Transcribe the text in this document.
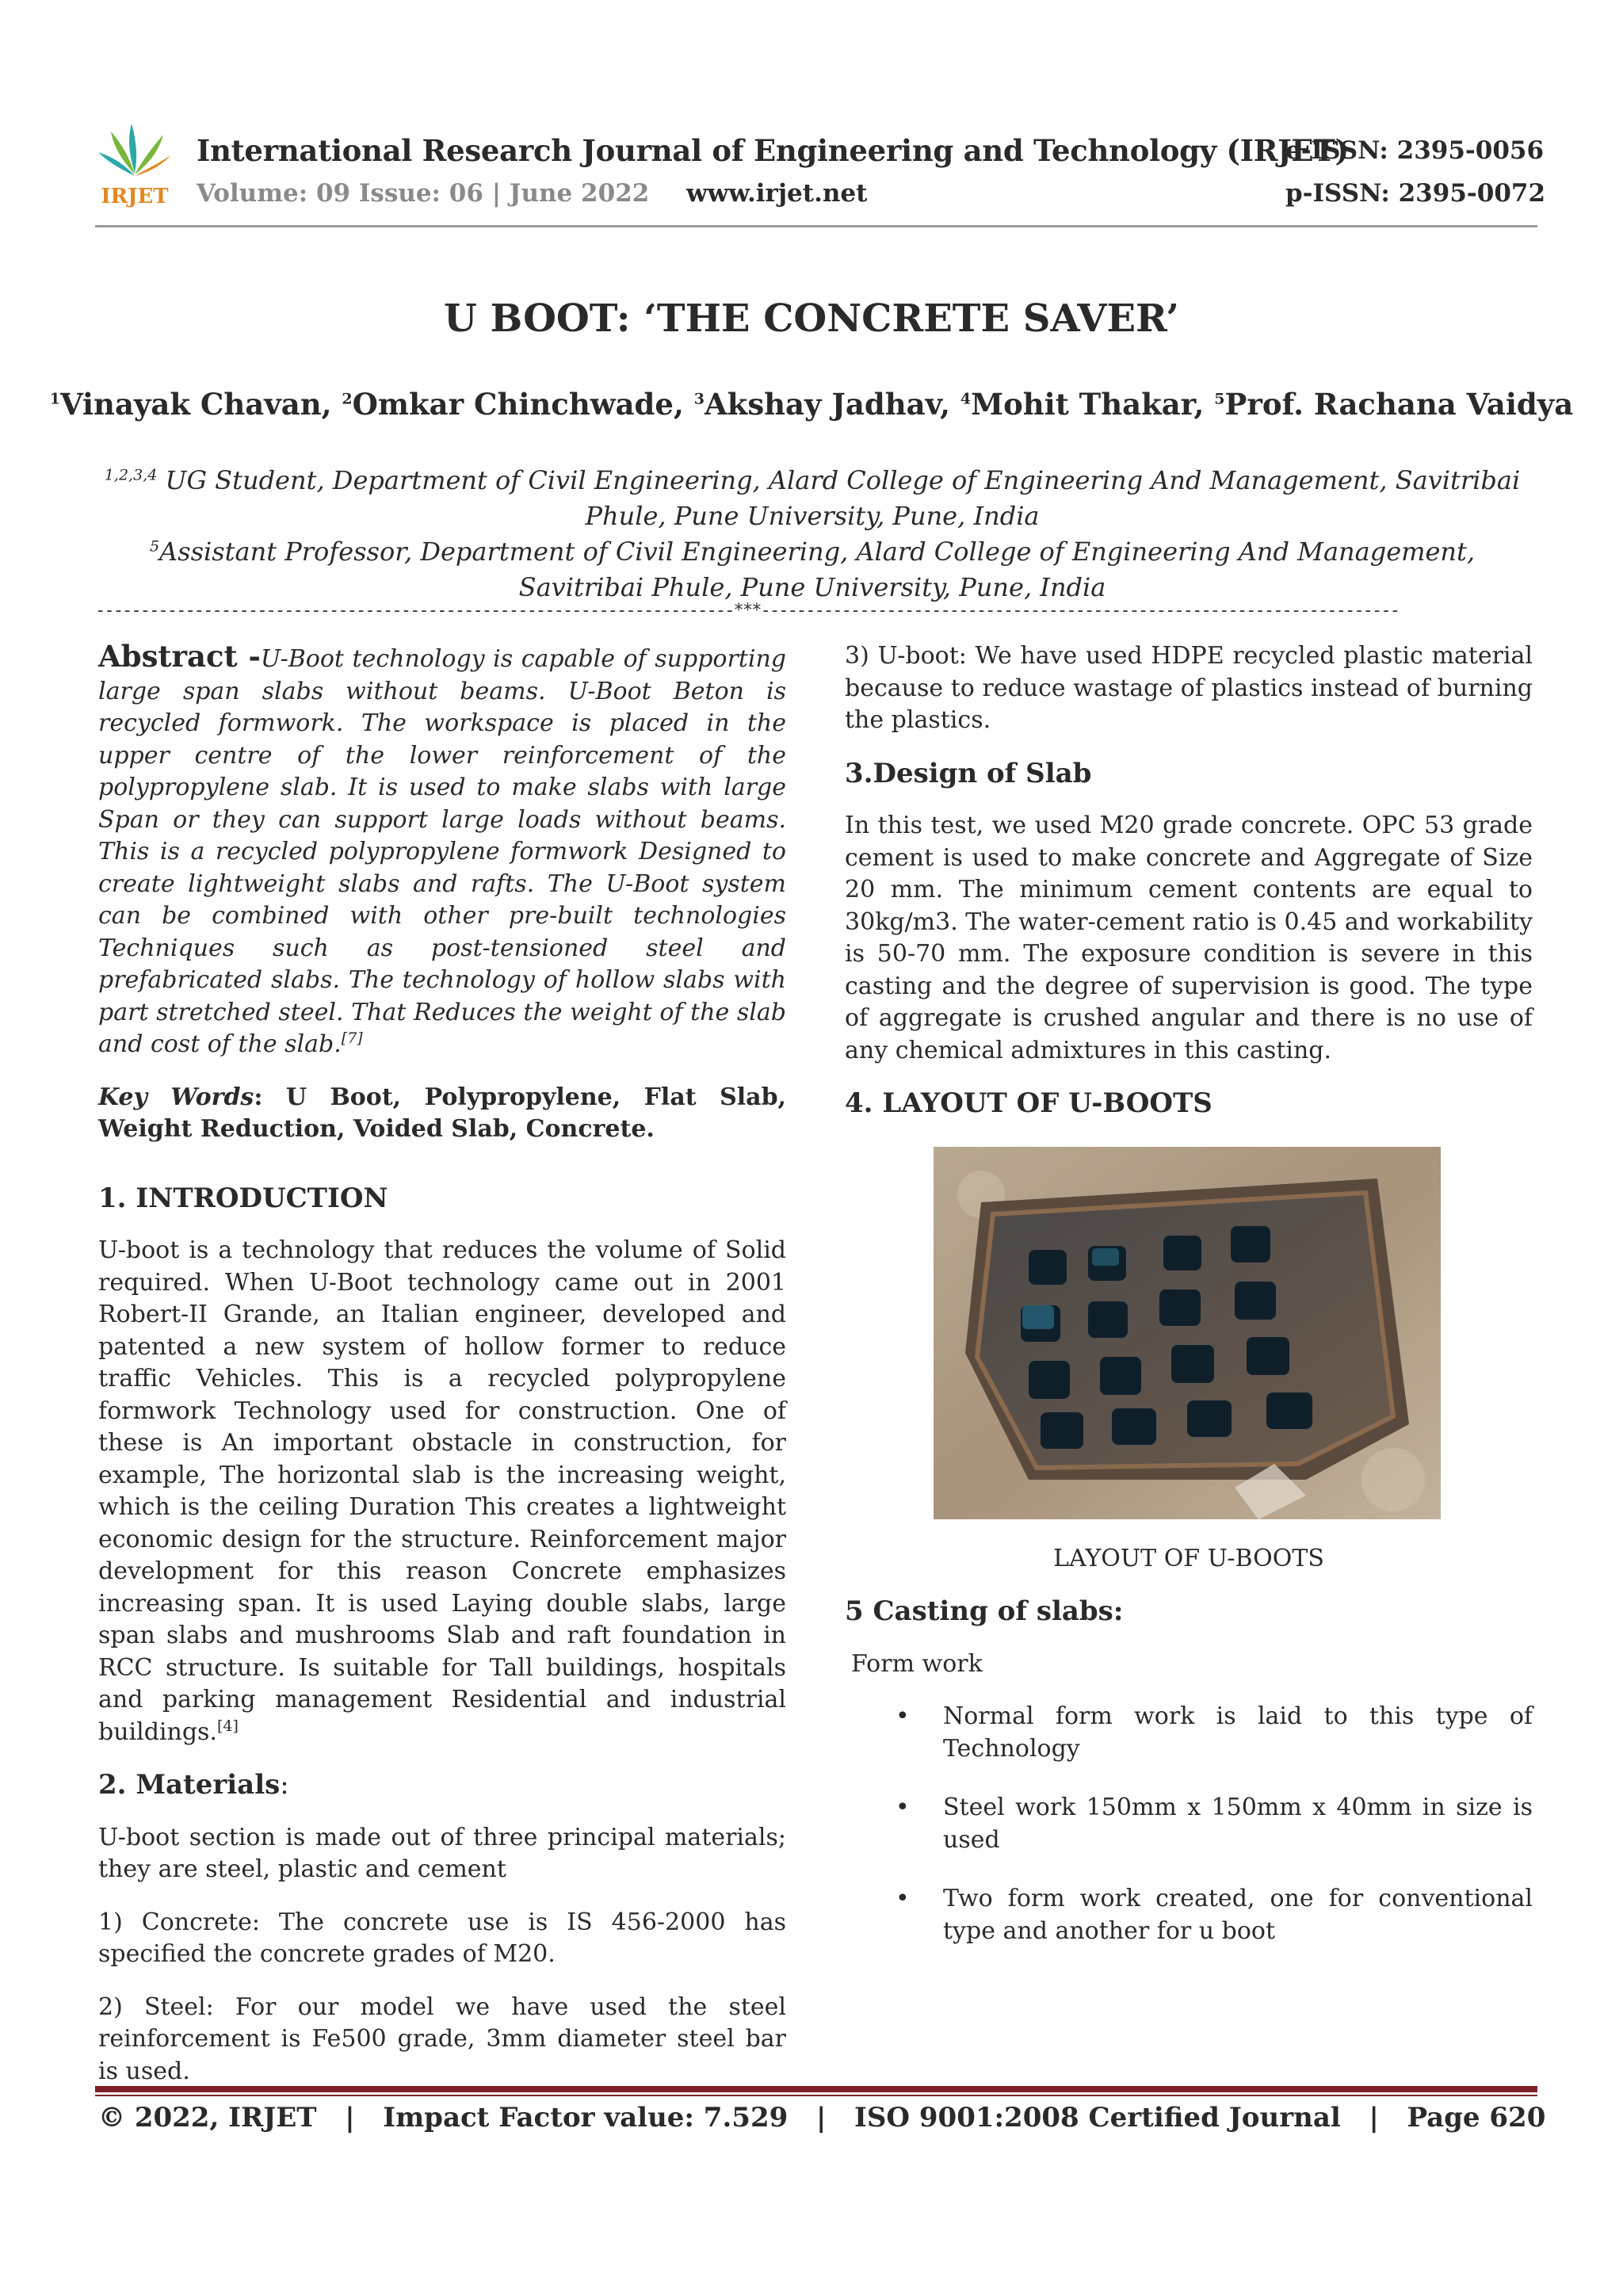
IRJET
International Research Journal of Engineering and Technology (IRJET)
e-ISSN: 2395-0056
Volume: 09 Issue: 06 | June 2022 www.irjet.net	p-ISSN: 2395-0072
U BOOT: ‘THE CONCRETE SAVER’
$^1$Vinayak Chavan, $^2$Omkar Chinchwade, $^3$Akshay Jadhav, $^4$Mohit Thakar, $^5$Prof. Rachana Vaidya
$^{1,2,3,4}$ UG Student, Department of Civil Engineering, Alard College of Engineering And Management, Savitribai Phule, Pune University, Pune, India
$^5$Assistant Professor, Department of Civil Engineering, Alard College of Engineering And Management, Savitribai Phule, Pune University, Pune, India
-----------------------------------------------------------------------***-----------------------------------------------------------------------

Abstract -U-Boot technology is capable of supporting large span slabs without beams. U-Boot Beton is recycled formwork. The workspace is placed in the upper centre of the lower reinforcement of the polypropylene slab. It is used to make slabs with large Span or they can support large loads without beams. This is a recycled polypropylene formwork Designed to create lightweight slabs and rafts. The U-Boot system can be combined with other pre-built technologies Techniques such as post-tensioned steel and prefabricated slabs. The technology of hollow slabs with part stretched steel. That Reduces the weight of the slab and cost of the slab.[7]

Key Words: U Boot, Polypropylene, Flat Slab, Weight Reduction, Voided Slab, Concrete.

1. INTRODUCTION

U-boot is a technology that reduces the volume of Solid required. When U-Boot technology came out in 2001 Robert-II Grande, an Italian engineer, developed and patented a new system of hollow former to reduce traffic Vehicles. This is a recycled polypropylene formwork Technology used for construction. One of these is An important obstacle in construction, for example, The horizontal slab is the increasing weight, which is the ceiling Duration This creates a lightweight economic design for the structure. Reinforcement major development for this reason Concrete emphasizes increasing span. It is used Laying double slabs, large span slabs and mushrooms Slab and raft foundation in RCC structure. Is suitable for Tall buildings, hospitals and parking management Residential and industrial buildings.[4]

2. Materials:

U-boot section is made out of three principal materials; they are steel, plastic and cement

1) Concrete: The concrete use is IS 456-2000 has specified the concrete grades of M20.

2) Steel: For our model we have used the steel reinforcement is Fe500 grade, 3mm diameter steel bar is used.

3) U-boot: We have used HDPE recycled plastic material because to reduce wastage of plastics instead of burning the plastics.

3.Design of Slab

In this test, we used M20 grade concrete. OPC 53 grade cement is used to make concrete and Aggregate of Size 20 mm. The minimum cement contents are equal to 30kg/m3. The water-cement ratio is 0.45 and workability is 50-70 mm. The exposure condition is severe in this casting and the degree of supervision is good. The type of aggregate is crushed angular and there is no use of any chemical admixtures in this casting.

4. LAYOUT OF U-BOOTS
LAYOUT OF U-BOOTS
5 Casting of slabs:

Form work

• Normal form work is laid to this type of Technology
• Steel work 150mm x 150mm x 40mm in size is used
• Two form work created, one for conventional type and another for u boot
© 2022, IRJET | Impact Factor value: 7.529 | ISO 9001:2008 Certified Journal | Page 620
